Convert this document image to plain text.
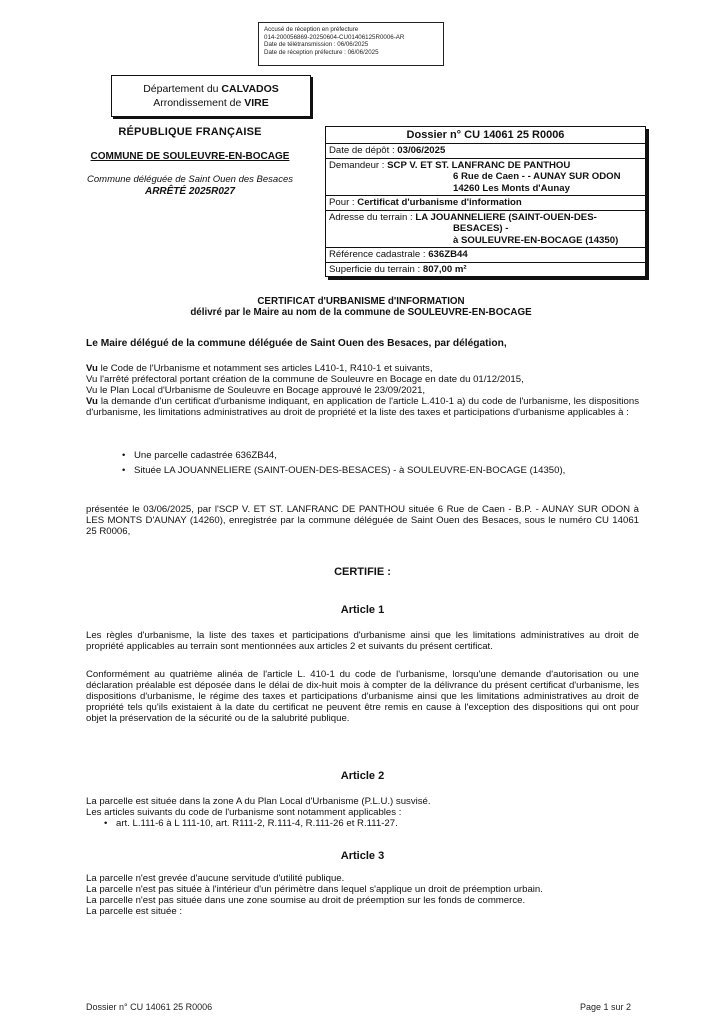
Accusé de réception en préfecture
014-200056869-20250604-CU01406125R0006-AR
Date de télétransmission : 06/06/2025
Date de réception préfecture : 06/06/2025
Département du CALVADOS
Arrondissement de VIRE
RÉPUBLIQUE FRANÇAISE
COMMUNE DE SOULEUVRE-EN-BOCAGE
Commune déléguée de Saint Ouen des Besaces
ARRÊTÉ 2025R027
Dossier n° CU 14061 25 R0006
Date de dépôt : 03/06/2025
Demandeur : SCP V. ET ST. LANFRANC DE PANTHOU
6 Rue de Caen - - AUNAY SUR ODON
14260 Les Monts d'Aunay
Pour : Certificat d'urbanisme d'information
Adresse du terrain : LA JOUANNELIERE (SAINT-OUEN-DES-
BESACES) -
à SOULEUVRE-EN-BOCAGE (14350)
Référence cadastrale : 636ZB44
Superficie du terrain : 807,00 m²
CERTIFICAT d'URBANISME d'INFORMATION
délivré par le Maire au nom de la commune de SOULEUVRE-EN-BOCAGE
Le Maire délégué de la commune déléguée de Saint Ouen des Besaces, par délégation,

Vu le Code de l'Urbanisme et notamment ses articles L410-1, R410-1 et suivants,

Vu l'arrêté préfectoral portant création de la commune de Souleuvre en Bocage en date du 01/12/2015,

Vu le Plan Local d'Urbanisme de Souleuvre en Bocage approuvé le 23/09/2021,

Vu la demande d'un certificat d'urbanisme indiquant, en application de l'article L.410-1 a) du code de l'urbanisme, les dispositions d'urbanisme, les limitations administratives au droit de propriété et la liste des taxes et participations d'urbanisme applicables à :

• Une parcelle cadastrée 636ZB44,

• Située LA JOUANNELIERE (SAINT-OUEN-DES-BESACES) - à SOULEUVRE-EN-BOCAGE (14350),

présentée le 03/06/2025, par l'SCP V. ET ST. LANFRANC DE PANTHOU située 6 Rue de Caen - B.P. - AUNAY SUR ODON à LES MONTS D'AUNAY (14260), enregistrée par la commune déléguée de Saint Ouen des Besaces, sous le numéro CU 14061 25 R0006,
CERTIFIE :
Article 1
Les règles d'urbanisme, la liste des taxes et participations d'urbanisme ainsi que les limitations administratives au droit de propriété applicables au terrain sont mentionnées aux articles 2 et suivants du présent certificat.
Conformément au quatrième alinéa de l'article L. 410-1 du code de l'urbanisme, lorsqu'une demande d'autorisation ou une déclaration préalable est déposée dans le délai de dix-huit mois à compter de la délivrance du présent certificat d'urbanisme, les dispositions d'urbanisme, le régime des taxes et participations d'urbanisme ainsi que les limitations administratives au droit de propriété tels qu'ils existaient à la date du certificat ne peuvent être remis en cause à l'exception des dispositions qui ont pour objet la préservation de la sécurité ou de la salubrité publique.
Article 2

La parcelle est située dans la zone A du Plan Local d'Urbanisme (P.L.U.) susvisé.

Les articles suivants du code de l'urbanisme sont notamment applicables :

• art. L.111-6 à L 111-10, art. R111-2, R.111-4, R.111-26 et R.111-27.

Article 3

La parcelle n'est grevée d'aucune servitude d'utilité publique.

La parcelle n'est pas située à l'intérieur d'un périmètre dans lequel s'applique un droit de préemption urbain.

La parcelle n'est pas située dans une zone soumise au droit de préemption sur les fonds de commerce.

La parcelle est située :

Dossier n° CU 14061 25 R0006	Page 1 sur 2
